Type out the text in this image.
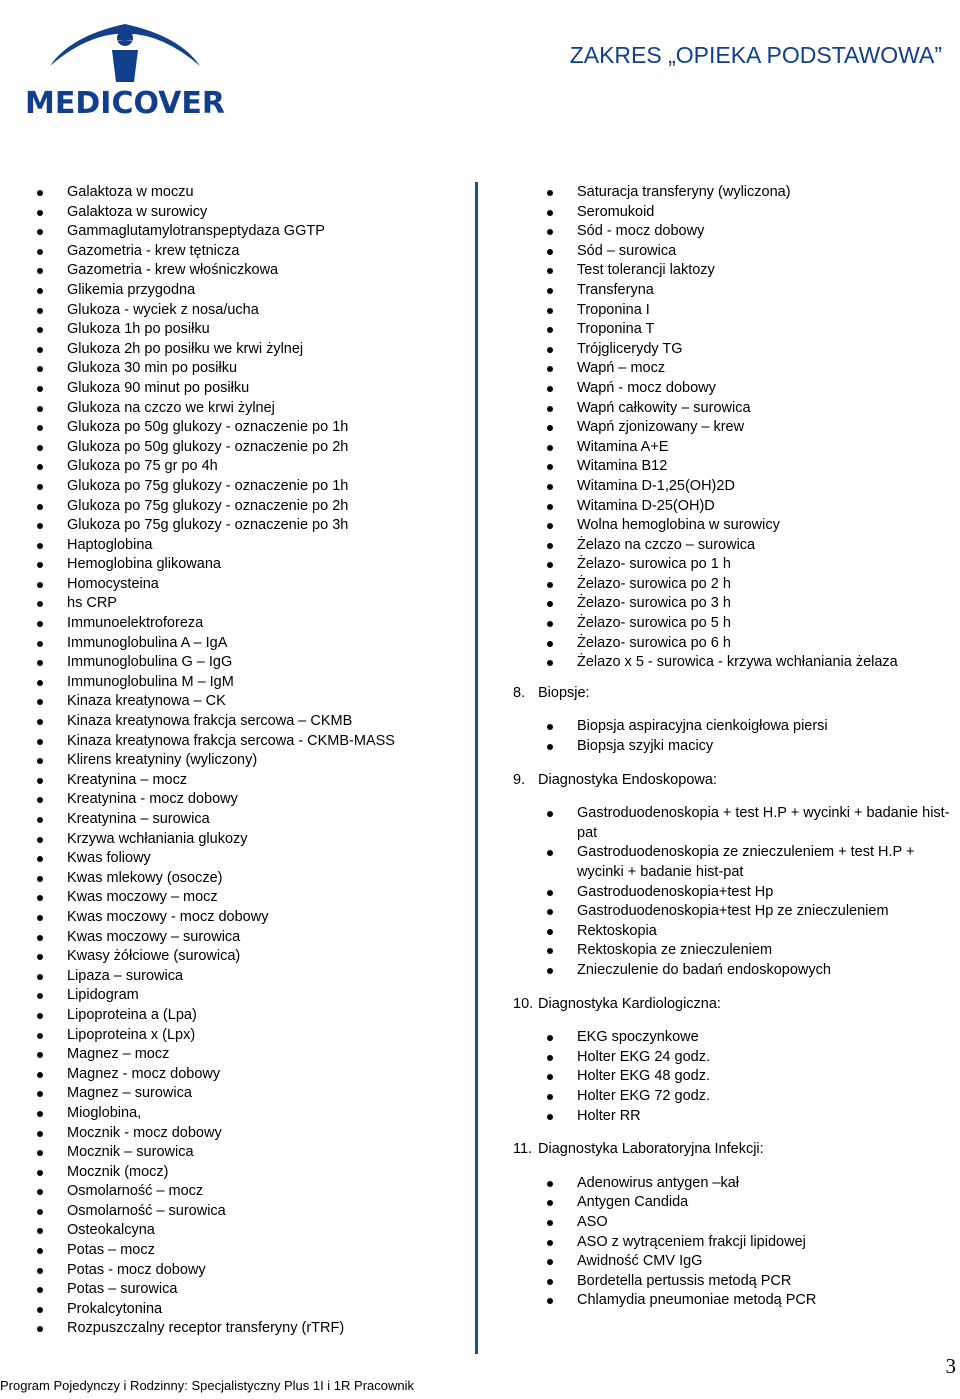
MEDICOVER
ZAKRES „OPIEKA PODSTAWOWA”
Galaktoza w moczu
Galaktoza w surowicy
Gammaglutamylotranspeptydaza GGTP
Gazometria - krew tętnicza
Gazometria - krew włośniczkowa
Glikemia przygodna
Glukoza - wyciek z nosa/ucha
Glukoza 1h po posiłku
Glukoza 2h po posiłku we krwi żylnej
Glukoza 30 min po posiłku
Glukoza 90 minut po posiłku
Glukoza na czczo we krwi żylnej
Glukoza po 50g glukozy - oznaczenie po 1h
Glukoza po 50g glukozy - oznaczenie po 2h
Glukoza po 75 gr po 4h
Glukoza po 75g glukozy - oznaczenie po 1h
Glukoza po 75g glukozy - oznaczenie po 2h
Glukoza po 75g glukozy - oznaczenie po 3h
Haptoglobina
Hemoglobina glikowana
Homocysteina
hs CRP
Immunoelektroforeza
Immunoglobulina A – IgA
Immunoglobulina G – IgG
Immunoglobulina M – IgM
Kinaza kreatynowa – CK
Kinaza kreatynowa frakcja sercowa – CKMB
Kinaza kreatynowa frakcja sercowa - CKMB-MASS
Klirens kreatyniny (wyliczony)
Kreatynina – mocz
Kreatynina - mocz dobowy
Kreatynina – surowica
Krzywa wchłaniania glukozy
Kwas foliowy
Kwas mlekowy (osocze)
Kwas moczowy – mocz
Kwas moczowy - mocz dobowy
Kwas moczowy – surowica
Kwasy żółciowe (surowica)
Lipaza – surowica
Lipidogram
Lipoproteina a (Lpa)
Lipoproteina x (Lpx)
Magnez – mocz
Magnez - mocz dobowy
Magnez – surowica
Mioglobina,
Mocznik - mocz dobowy
Mocznik – surowica
Mocznik (mocz)
Osmolarność – mocz
Osmolarność – surowica
Osteokalcyna
Potas – mocz
Potas - mocz dobowy
Potas – surowica
Prokalcytonina
Rozpuszczalny receptor transferyny (rTRF)
Saturacja transferyny (wyliczona)
Seromukoid
Sód - mocz dobowy
Sód – surowica
Test tolerancji laktozy
Transferyna
Troponina I
Troponina T
Trójglicerydy TG
Wapń – mocz
Wapń - mocz dobowy
Wapń całkowity – surowica
Wapń zjonizowany – krew
Witamina A+E
Witamina B12
Witamina D-1,25(OH)2D
Witamina D-25(OH)D
Wolna hemoglobina w surowicy
Żelazo na czczo – surowica
Żelazo- surowica po 1 h
Żelazo- surowica po 2 h
Żelazo- surowica po 3 h
Żelazo- surowica po 5 h
Żelazo- surowica po 6 h
Żelazo x 5 - surowica - krzywa wchłaniania żelaza
8. Biopsje:
Biopsja aspiracyjna cienkoigłowa piersi
Biopsja szyjki macicy
9. Diagnostyka Endoskopowa:
Gastroduodenoskopia + test H.P + wycinki + badanie hist-pat
Gastroduodenoskopia ze znieczuleniem + test H.P + wycinki + badanie hist-pat
Gastroduodenoskopia+test Hp
Gastroduodenoskopia+test Hp ze znieczuleniem
Rektoskopia
Rektoskopia ze znieczuleniem
Znieczulenie do badań endoskopowych
10. Diagnostyka Kardiologiczna:
EKG spoczynkowe
Holter EKG 24 godz.
Holter EKG 48 godz.
Holter EKG 72 godz.
Holter RR
11. Diagnostyka Laboratoryjna Infekcji:
Adenowirus antygen –kał
Antygen Candida
ASO
ASO z wytrąceniem frakcji lipidowej
Awidność CMV IgG
Bordetella pertussis metodą PCR
Chlamydia pneumoniae metodą PCR
Program Pojedynczy i Rodzinny: Specjalistyczny Plus 1I i 1R Pracownik
3
